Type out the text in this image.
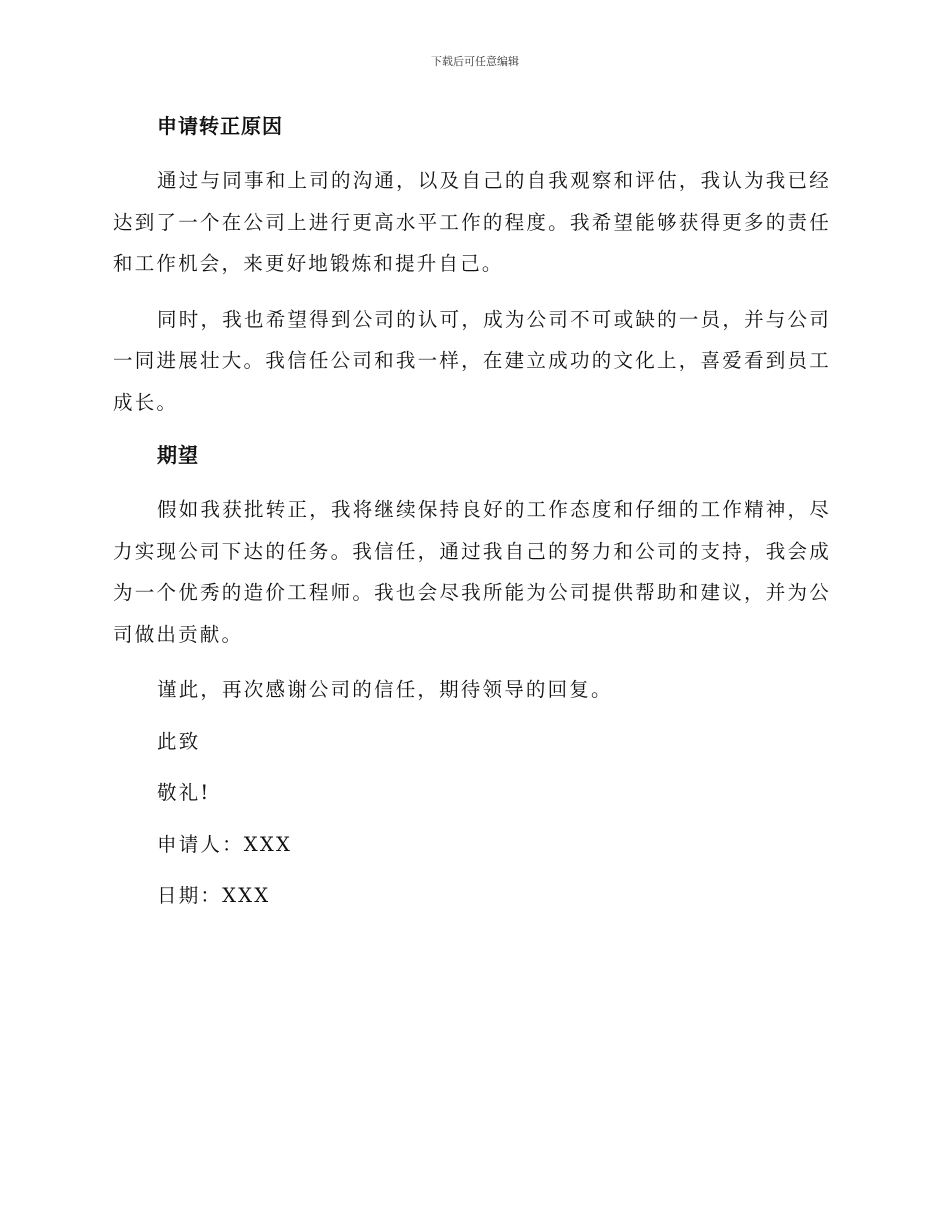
下载后可任意编辑
申请转正原因

通过与同事和上司的沟通，以及自己的自我观察和评估，我认为我已经达到了一个在公司上进行更高水平工作的程度。我希望能够获得更多的责任和工作机会，来更好地锻炼和提升自己。

同时，我也希望得到公司的认可，成为公司不可或缺的一员，并与公司一同进展壮大。我信任公司和我一样，在建立成功的文化上，喜爱看到员工成长。

期望

假如我获批转正，我将继续保持良好的工作态度和仔细的工作精神，尽力实现公司下达的任务。我信任，通过我自己的努力和公司的支持，我会成为一个优秀的造价工程师。我也会尽我所能为公司提供帮助和建议，并为公司做出贡献。

谨此，再次感谢公司的信任，期待领导的回复。
此致
敬礼!
申请人：XXX
日期：XXX
